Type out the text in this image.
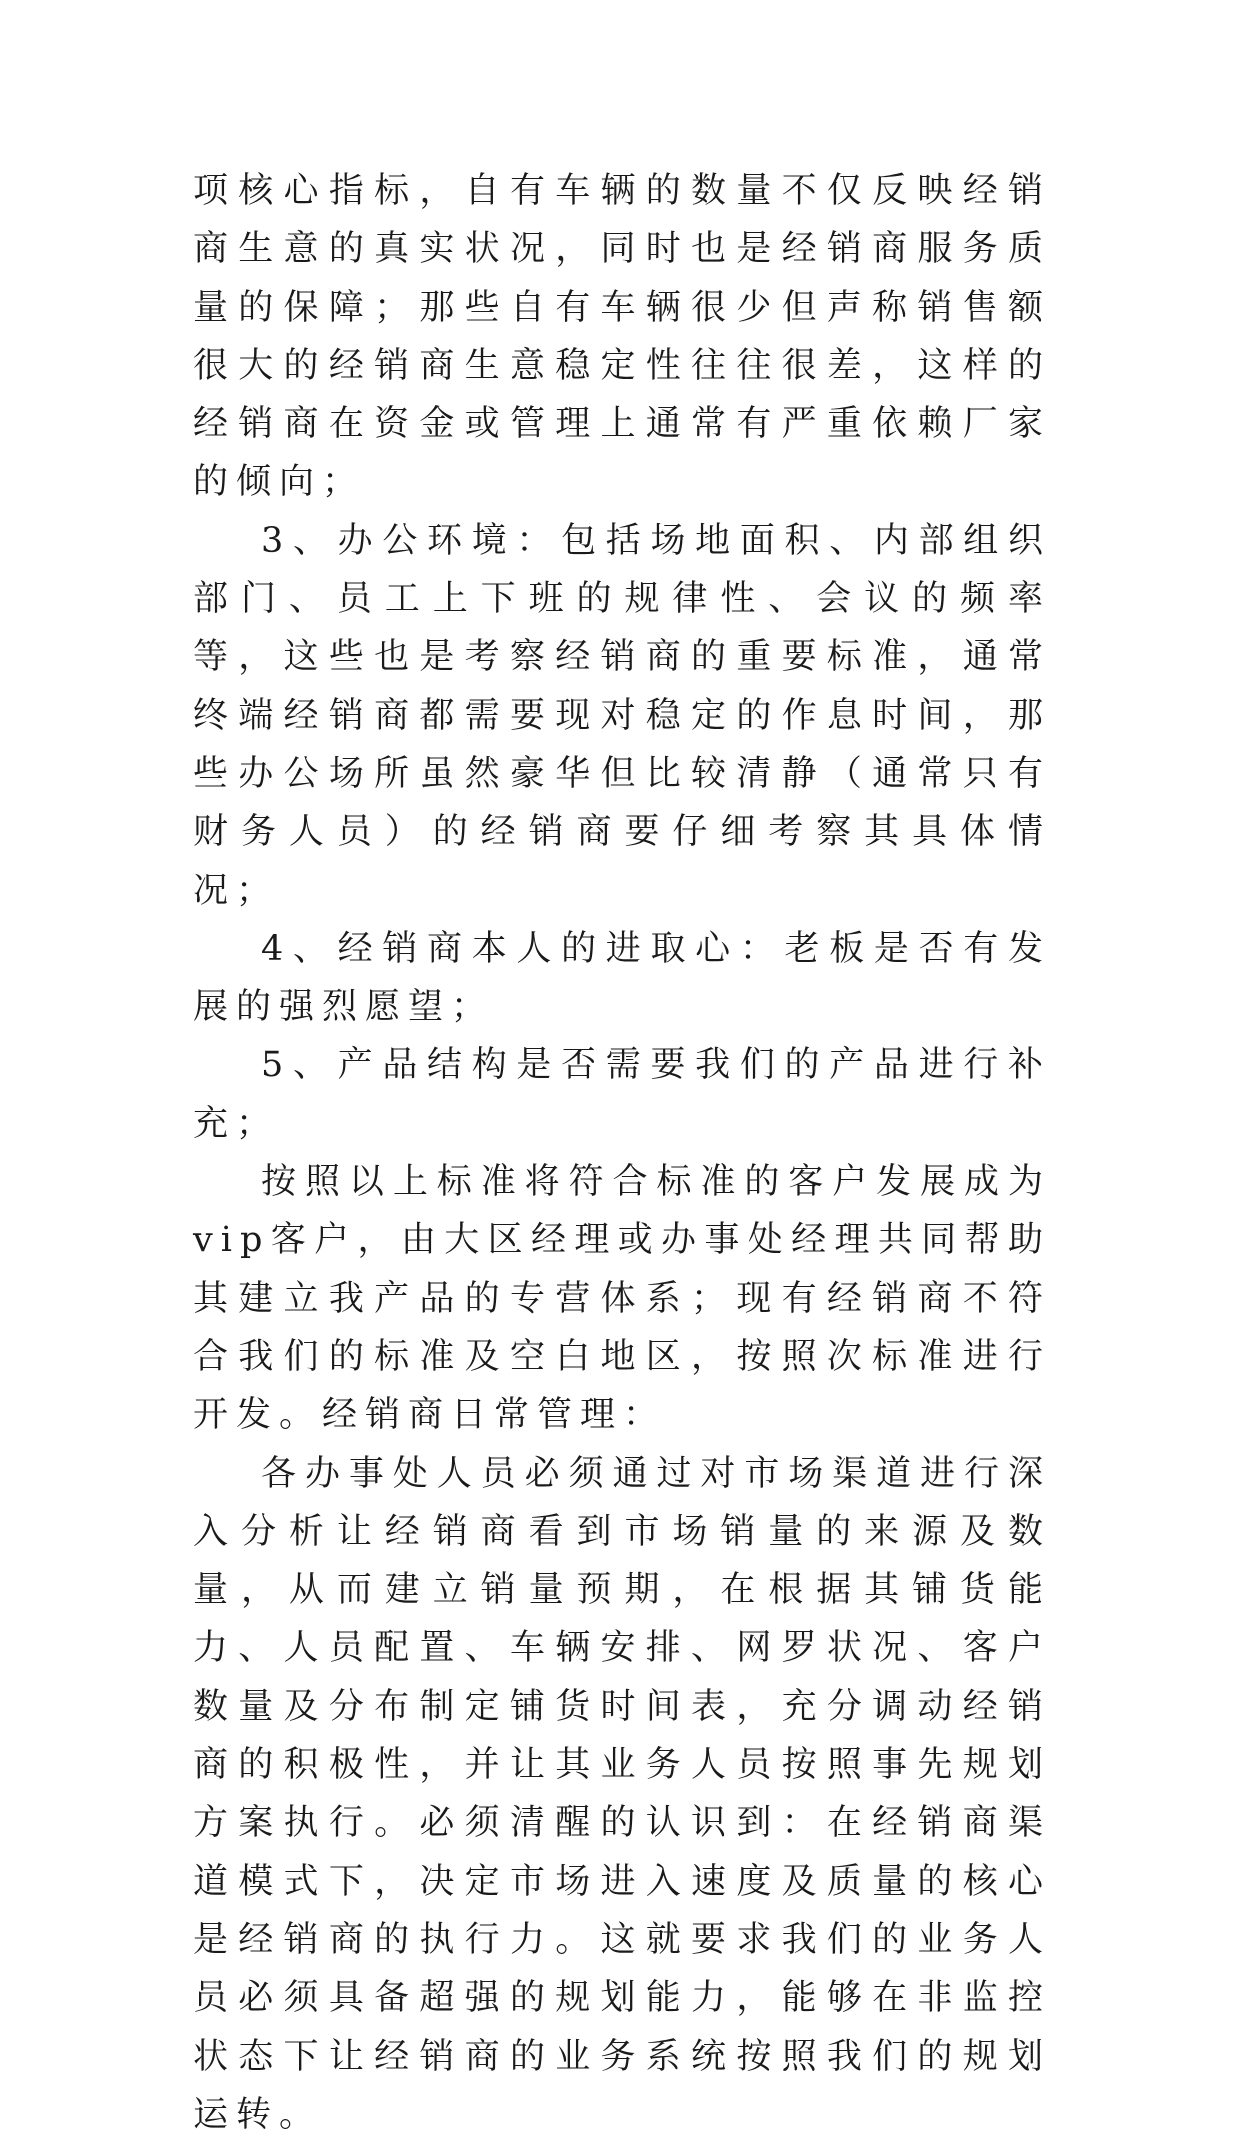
项核心指标，自有车辆的数量不仅反映经销商生意的真实状况，同时也是经销商服务质量的保障；那些自有车辆很少但声称销售额很大的经销商生意稳定性往往很差，这样的经销商在资金或管理上通常有严重依赖厂家的倾向；

3、办公环境：包括场地面积、内部组织部门、员工上下班的规律性、会议的频率等，这些也是考察经销商的重要标准，通常终端经销商都需要现对稳定的作息时间，那些办公场所虽然豪华但比较清静（通常只有财务人员）的经销商要仔细考察其具体情况；

4、经销商本人的进取心：老板是否有发展的强烈愿望；

5、产品结构是否需要我们的产品进行补充；

按照以上标准将符合标准的客户发展成为vip客户，由大区经理或办事处经理共同帮助其建立我产品的专营体系；现有经销商不符合我们的标准及空白地区，按照次标准进行开发。经销商日常管理：

各办事处人员必须通过对市场渠道进行深入分析让经销商看到市场销量的来源及数量，从而建立销量预期，在根据其铺货能力、人员配置、车辆安排、网罗状况、客户数量及分布制定铺货时间表，充分调动经销商的积极性，并让其业务人员按照事先规划方案执行。必须清醒的认识到：在经销商渠道模式下，决定市场进入速度及质量的核心是经销商的执行力。这就要求我们的业务人员必须具备超强的规划能力，能够在非监控状态下让经销商的业务系统按照我们的规划运转。
